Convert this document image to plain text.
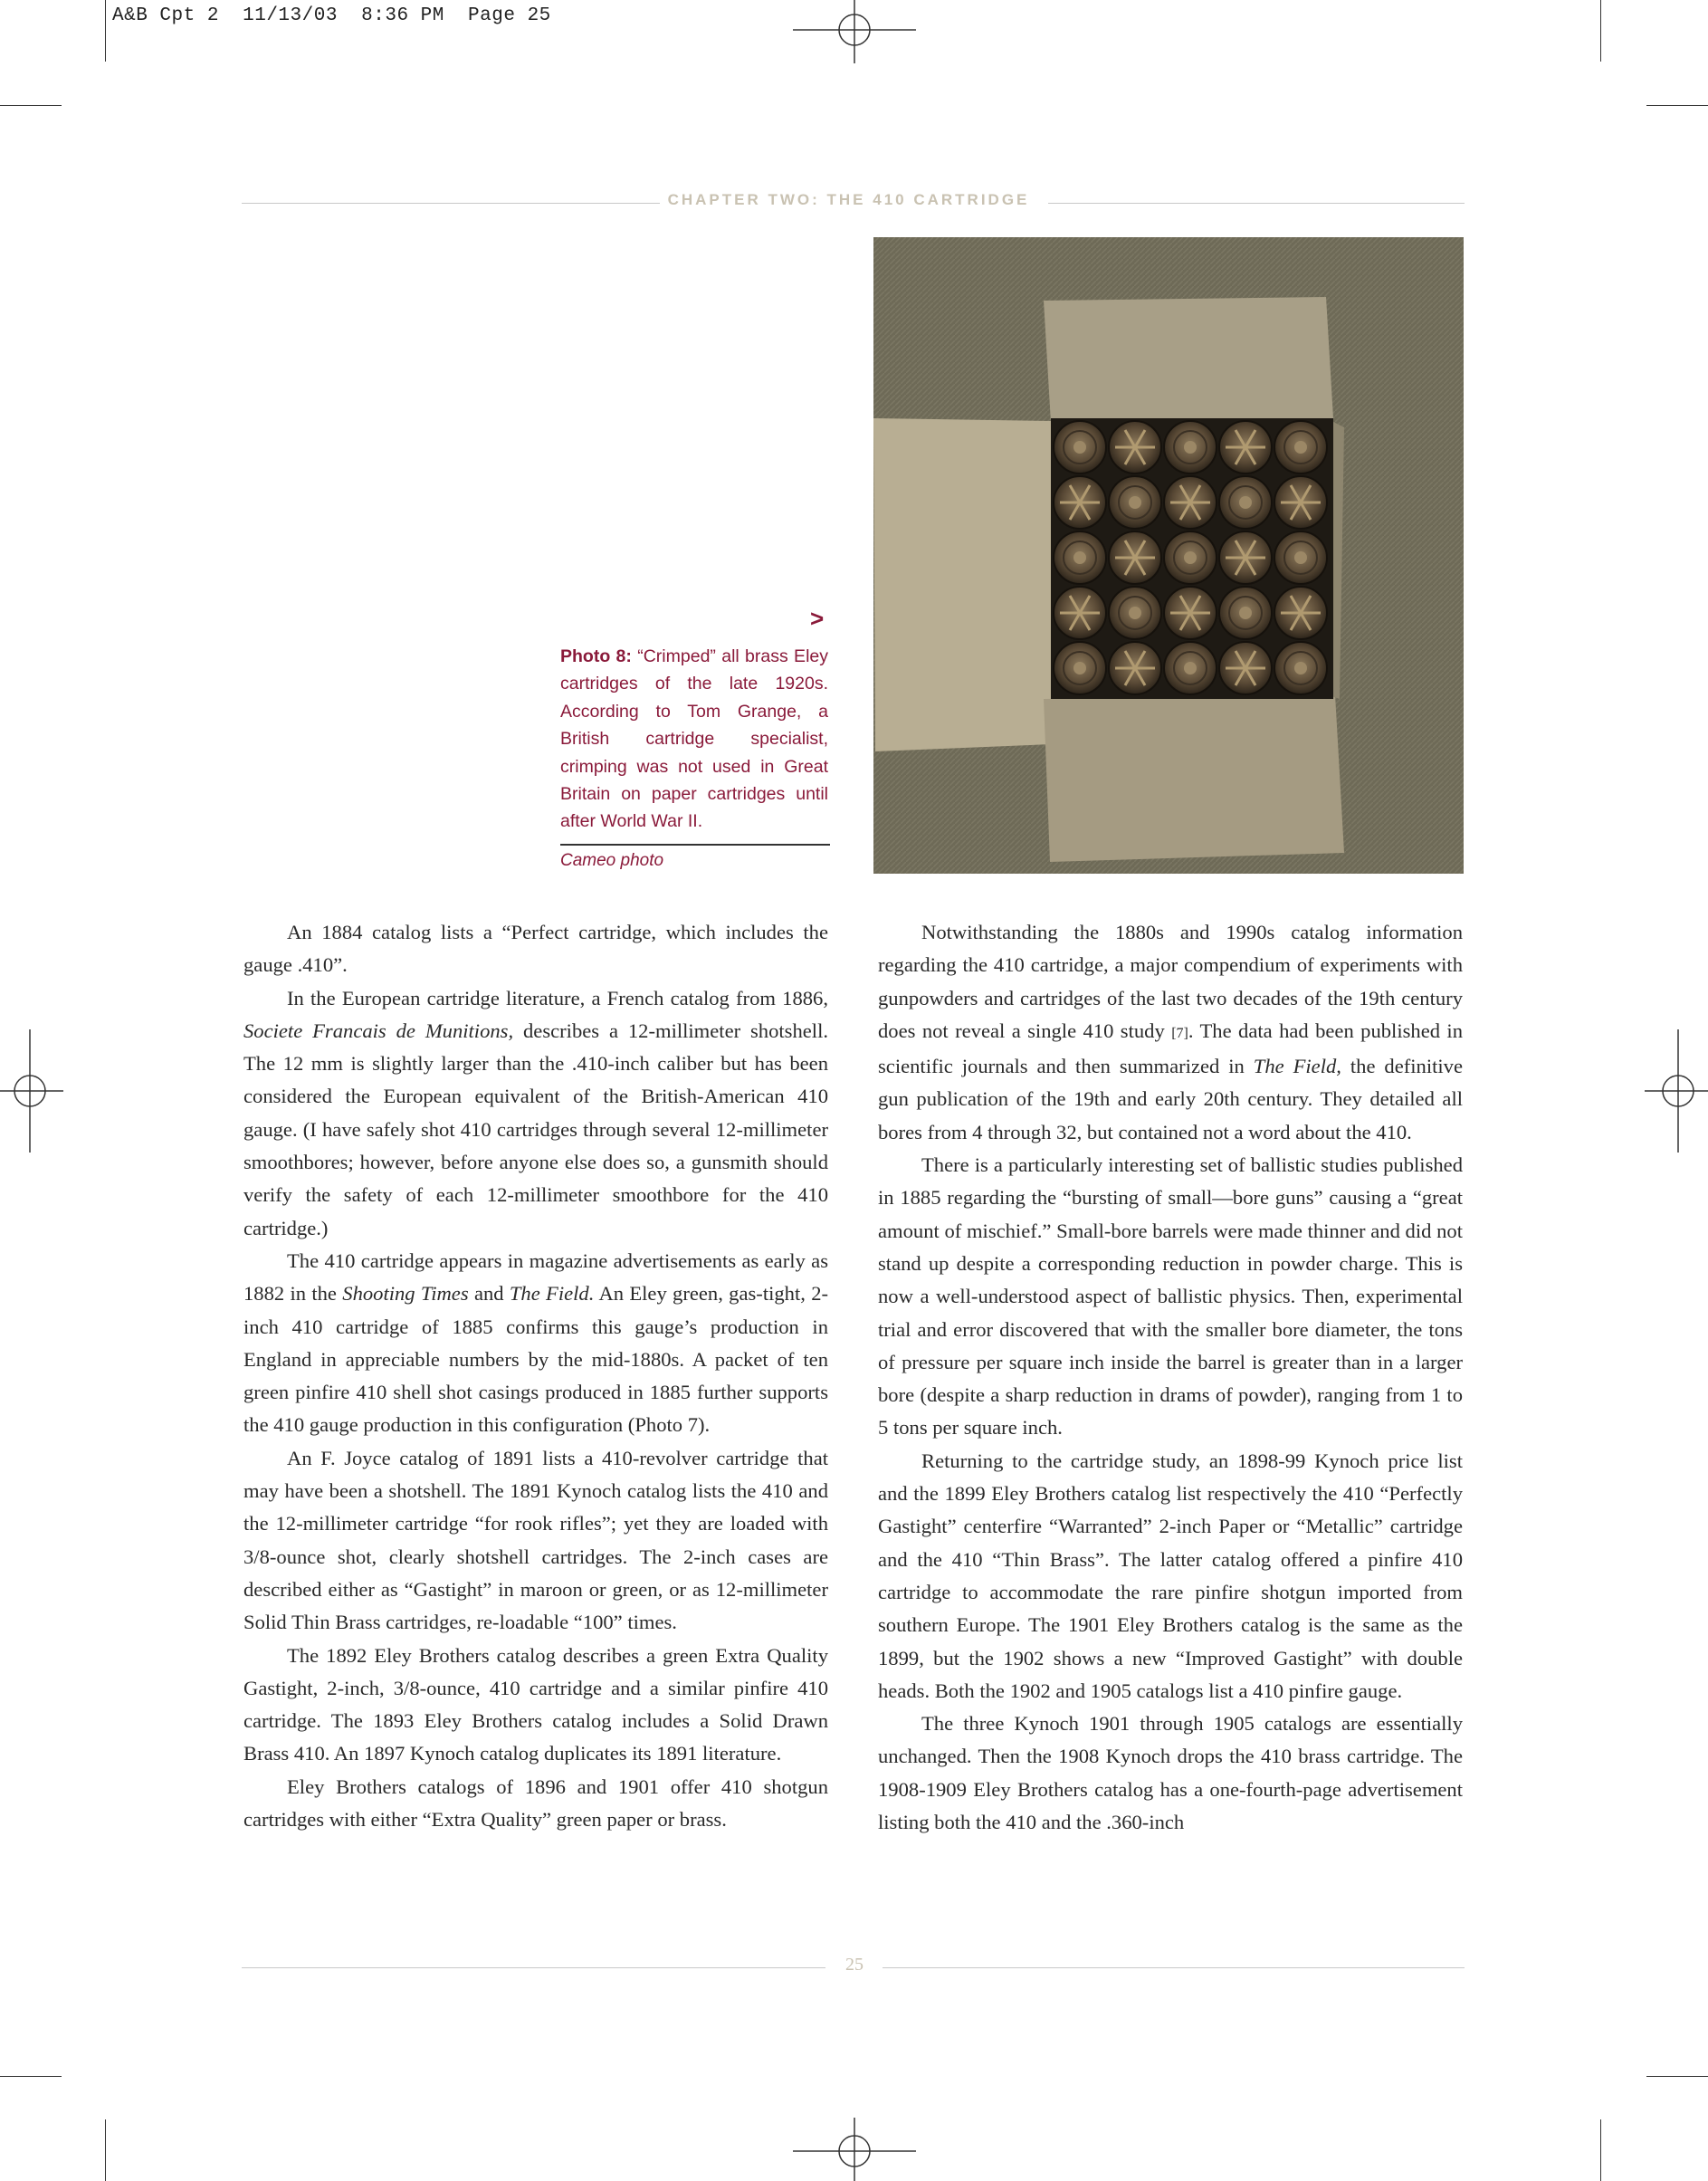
A&B Cpt 2  11/13/03  8:36 PM  Page 25
CHAPTER TWO: THE 410 CARTRIDGE
>
Photo 8: “Crimped” all brass Eley cartridges of the late 1920s. According to Tom Grange, a British cartridge specialist, crimping was not used in Great Britain on paper cartridges until after World War II.
Cameo photo

An 1884 catalog lists a “Perfect cartridge, which includes the gauge .410”.

In the European cartridge literature, a French catalog from 1886, Societe Francais de Munitions, describes a 12-millimeter shotshell. The 12 mm is slightly larger than the .410-inch caliber but has been considered the European equivalent of the British-American 410 gauge. (I have safely shot 410 cartridges through several 12-millimeter smoothbores; however, before anyone else does so, a gunsmith should verify the safety of each 12-millimeter smoothbore for the 410 cartridge.)

The 410 cartridge appears in magazine advertisements as early as 1882 in the Shooting Times and The Field. An Eley green, gas-tight, 2-inch 410 cartridge of 1885 confirms this gauge’s production in England in appreciable numbers by the mid-1880s. A packet of ten green pinfire 410 shell shot casings produced in 1885 further supports the 410 gauge production in this configuration (Photo 7).

An F. Joyce catalog of 1891 lists a 410-revolver cartridge that may have been a shotshell. The 1891 Kynoch catalog lists the 410 and the 12-millimeter cartridge “for rook rifles”; yet they are loaded with 3/8-ounce shot, clearly shotshell cartridges. The 2-inch cases are described either as “Gastight” in maroon or green, or as 12-millimeter Solid Thin Brass cartridges, re-loadable “100” times.

The 1892 Eley Brothers catalog describes a green Extra Quality Gastight, 2-inch, 3/8-ounce, 410 cartridge and a similar pinfire 410 cartridge. The 1893 Eley Brothers catalog includes a Solid Drawn Brass 410. An 1897 Kynoch catalog duplicates its 1891 literature.

Eley Brothers catalogs of 1896 and 1901 offer 410 shotgun cartridges with either “Extra Quality” green paper or brass.

Notwithstanding the 1880s and 1990s catalog information regarding the 410 cartridge, a major compendium of experiments with gunpowders and cartridges of the last two decades of the 19th century does not reveal a single 410 study [7]. The data had been published in scientific journals and then summarized in The Field, the definitive gun publication of the 19th and early 20th century. They detailed all bores from 4 through 32, but contained not a word about the 410.

There is a particularly interesting set of ballistic studies published in 1885 regarding the “bursting of small—bore guns” causing a “great amount of mischief.” Small-bore barrels were made thinner and did not stand up despite a corresponding reduction in powder charge. This is now a well-understood aspect of ballistic physics. Then, experimental trial and error discovered that with the smaller bore diameter, the tons of pressure per square inch inside the barrel is greater than in a larger bore (despite a sharp reduction in drams of powder), ranging from 1 to 5 tons per square inch.

Returning to the cartridge study, an 1898-99 Kynoch price list and the 1899 Eley Brothers catalog list respectively the 410 “Perfectly Gastight” centerfire “Warranted” 2-inch Paper or “Metallic” cartridge and the 410 “Thin Brass”. The latter catalog offered a pinfire 410 cartridge to accommodate the rare pinfire shotgun imported from southern Europe. The 1901 Eley Brothers catalog is the same as the 1899, but the 1902 shows a new “Improved Gastight” with double heads. Both the 1902 and 1905 catalogs list a 410 pinfire gauge.

The three Kynoch 1901 through 1905 catalogs are essentially unchanged. Then the 1908 Kynoch drops the 410 brass cartridge. The 1908-1909 Eley Brothers catalog has a one-fourth-page advertisement listing both the 410 and the .360-inch

25
